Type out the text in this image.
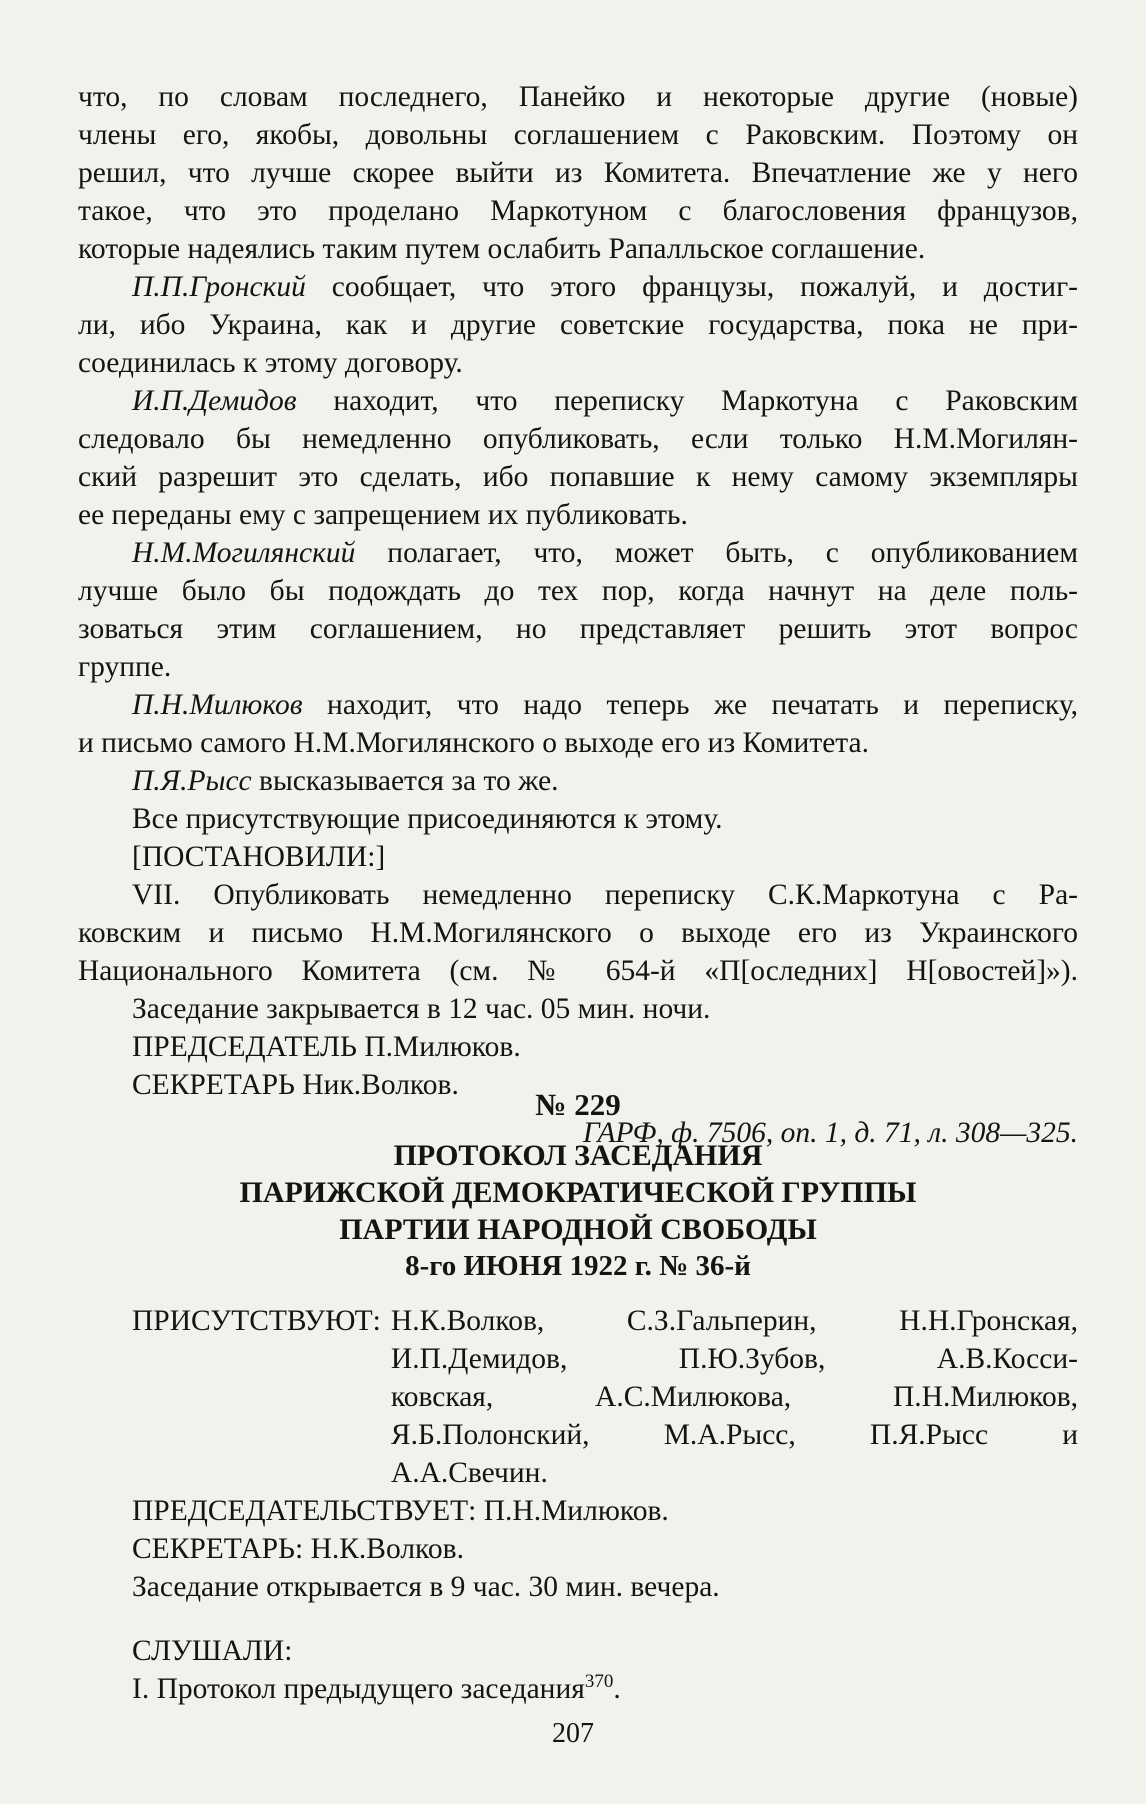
что, по словам последнего, Панейко и некоторые другие (новые)
члены его, якобы, довольны соглашением с Раковским. Поэтому он
решил, что лучше скорее выйти из Комитета. Впечатление же у него
такое, что это проделано Маркотуном с благословения французов,
которые надеялись таким путем ослабить Рапалльское соглашение.

П.П.Гронский сообщает, что этого французы, пожалуй, и достиг-
ли, ибо Украина, как и другие советские государства, пока не при-
соединилась к этому договору.

И.П.Демидов находит, что переписку Маркотуна с Раковским
следовало бы немедленно опубликовать, если только Н.М.Могилян-
ский разрешит это сделать, ибо попавшие к нему самому экземпляры
ее переданы ему с запрещением их публиковать.

Н.М.Могилянский полагает, что, может быть, с опубликованием
лучше было бы подождать до тех пор, когда начнут на деле поль-
зоваться этим соглашением, но представляет решить этот вопрос
группе.

П.Н.Милюков находит, что надо теперь же печатать и переписку,
и письмо самого Н.М.Могилянского о выходе его из Комитета.

П.Я.Рысс высказывается за то же.

Все присутствующие присоединяются к этому.

[ПОСТАНОВИЛИ:]

VII. Опубликовать немедленно переписку С.К.Маркотуна с Ра-
ковским и письмо Н.М.Могилянского о выходе его из Украинского
Национального Комитета (см. № 654-й «П[оследних] Н[овостей]»).

Заседание закрывается в 12 час. 05 мин. ночи.

ПРЕДСЕДАТЕЛЬ П.Милюков.

СЕКРЕТАРЬ Ник.Волков.

ГАРФ, ф. 7506, оп. 1, д. 71, л. 308—325.
№ 229
ПРОТОКОЛ ЗАСЕДАНИЯ
ПАРИЖСКОЙ ДЕМОКРАТИЧЕСКОЙ ГРУППЫ
ПАРТИИ НАРОДНОЙ СВОБОДЫ
8-го ИЮНЯ 1922 г. № 36-й
ПРИСУТСТВУЮТ: Н.К.Волков, С.З.Гальперин, Н.Н.Гронская,
И.П.Демидов, П.Ю.Зубов, А.В.Косси-
ковская, А.С.Милюкова, П.Н.Милюков,
Я.Б.Полонский, М.А.Рысс, П.Я.Рысс и
А.А.Свечин.

ПРЕДСЕДАТЕЛЬСТВУЕТ: П.Н.Милюков.

СЕКРЕТАРЬ: Н.К.Волков.

Заседание открывается в 9 час. 30 мин. вечера.

СЛУШАЛИ:

I. Протокол предыдущего заседания$^{370}$.

207
